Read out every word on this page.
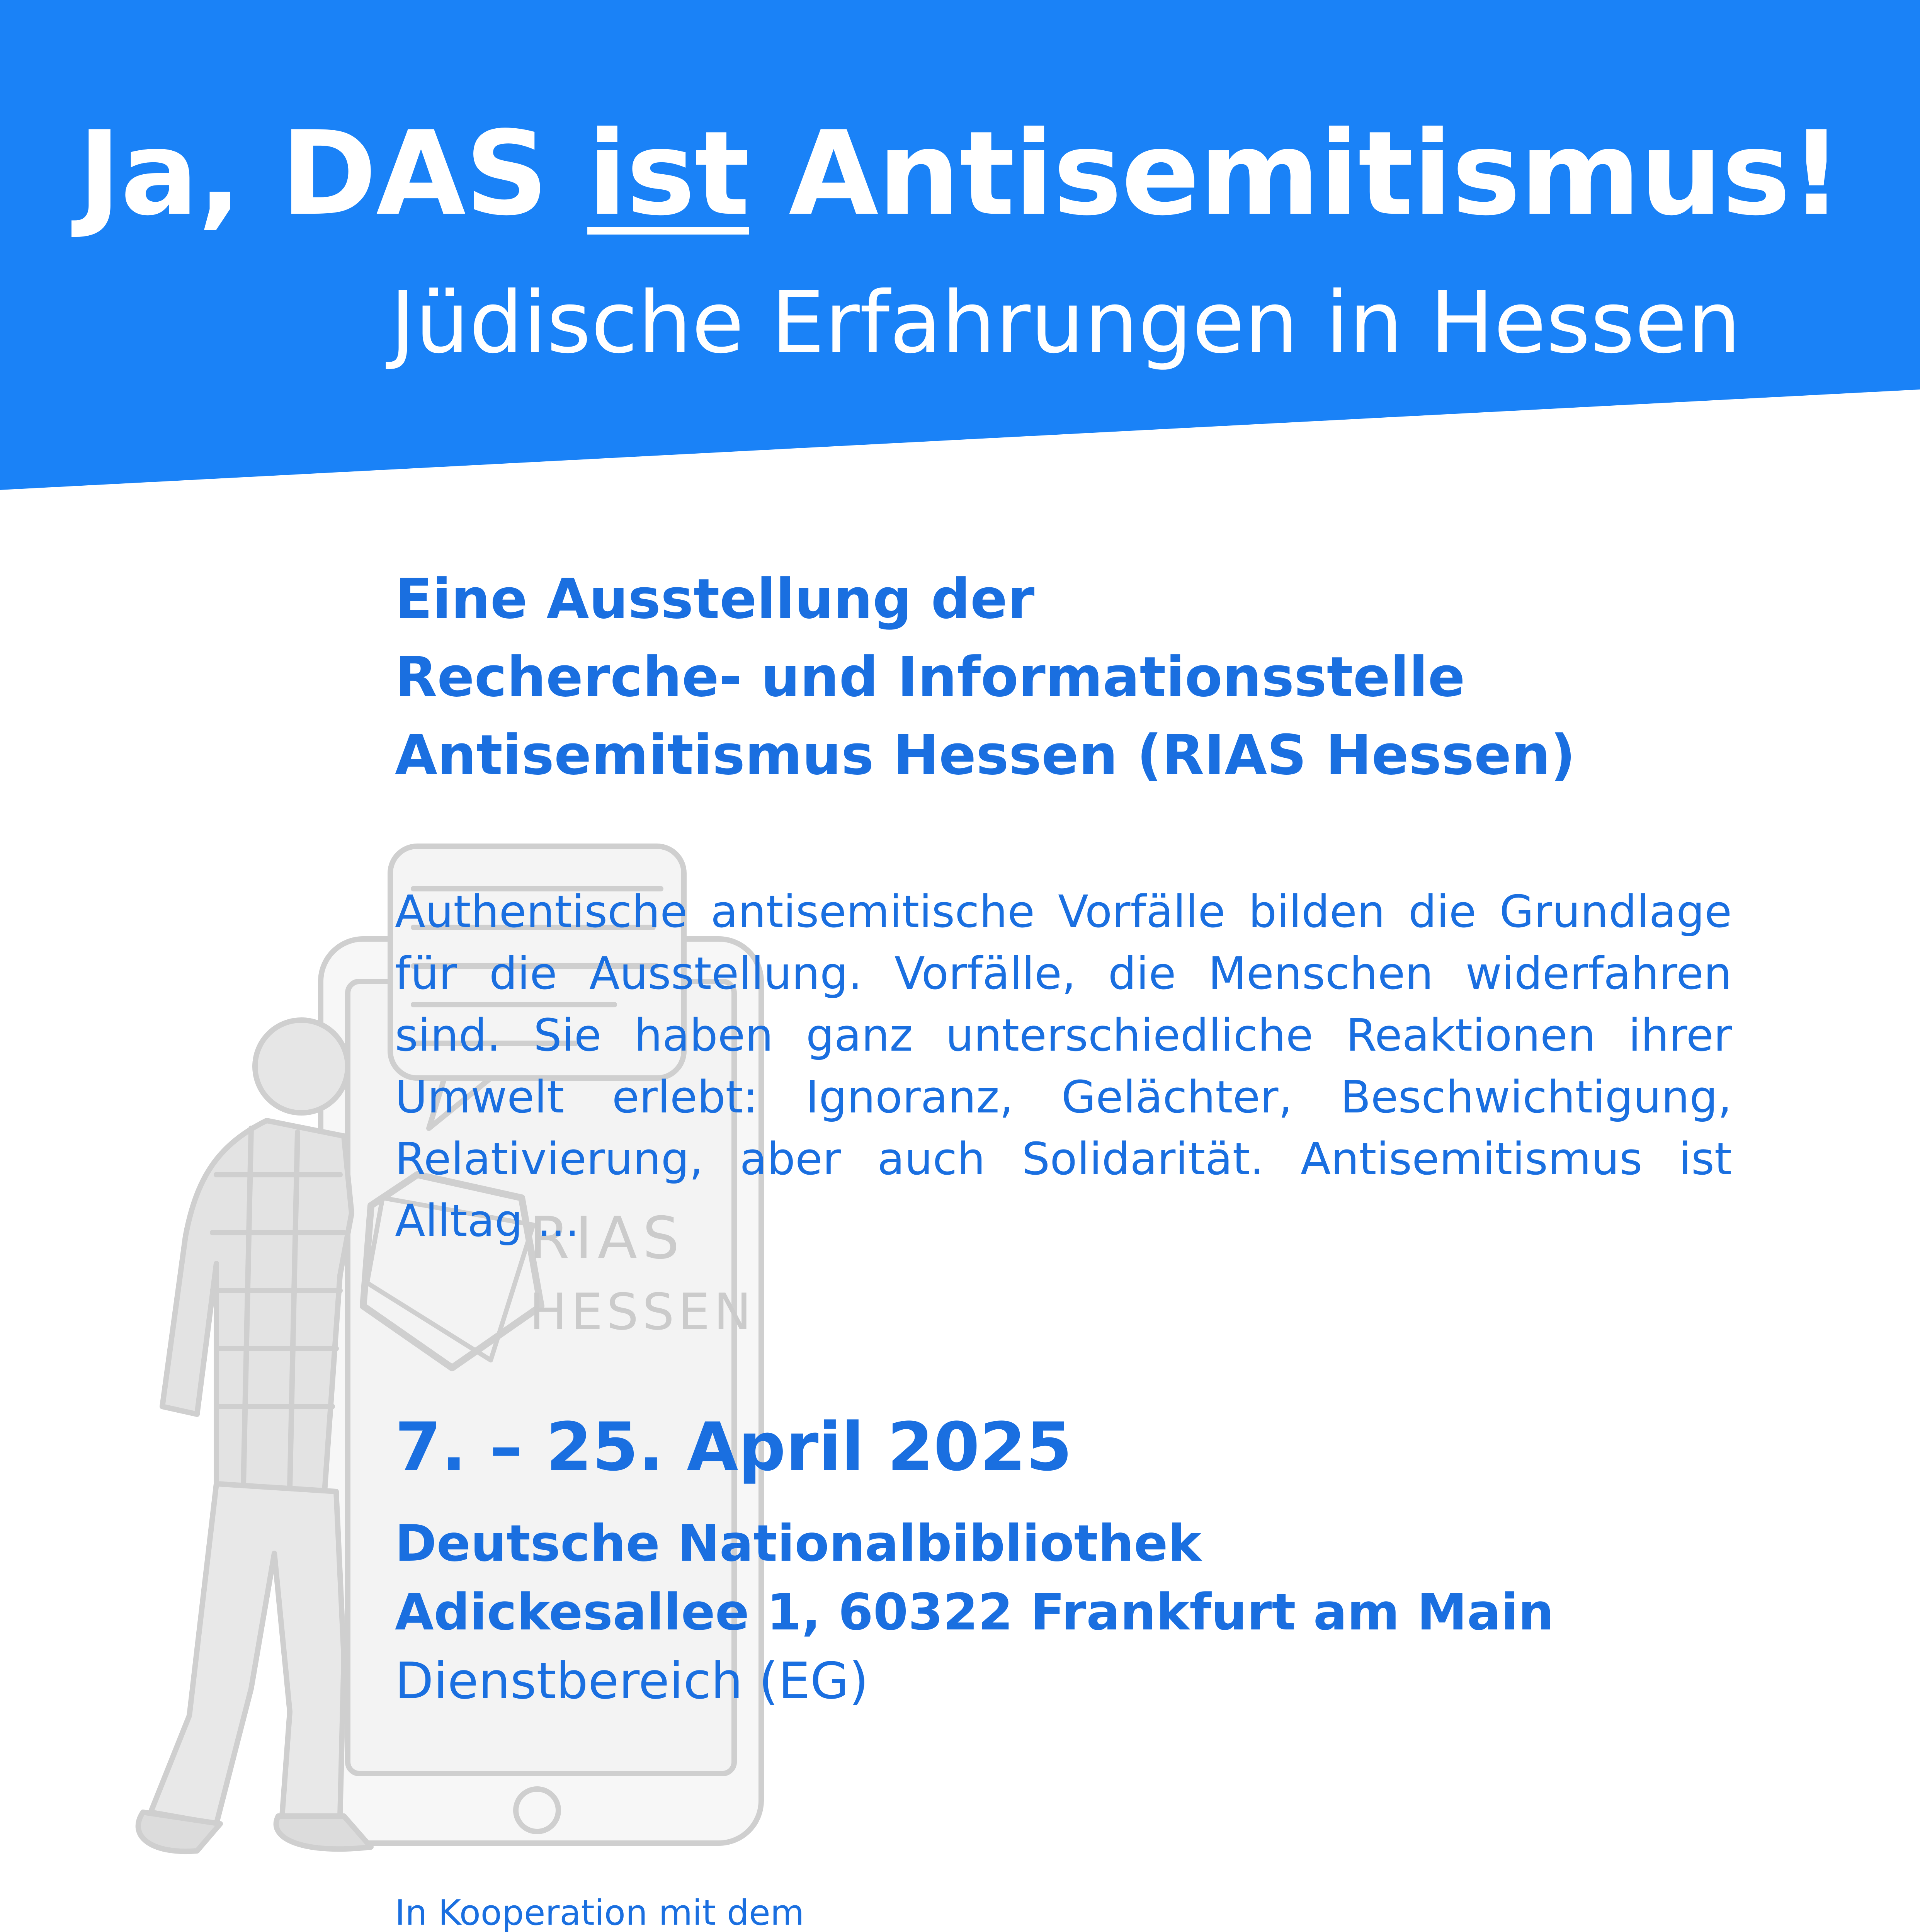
Ja, DAS ist Antisemitismus!
Jüdische Erfahrungen in Hessen
RIAS
HESSEN
Eine Ausstellung der
Recherche- und Informationsstelle
Antisemitismus Hessen (RIAS Hessen)
Authentische antisemitische Vorfälle bilden die Grundlage für die Ausstellung. Vorfälle, die Menschen widerfahren sind. Sie haben ganz unterschiedliche Reaktionen ihrer Umwelt erlebt: Ignoranz, Gelächter, Beschwichtigung, Relativierung, aber auch Solidarität. Antisemitismus ist Alltag ...
7. – 25. April 2025
Deutsche Nationalbibliothek
Adickesallee 1, 60322 Frankfurt am Main
Dienstbereich (EG)
In Kooperation mit dem
